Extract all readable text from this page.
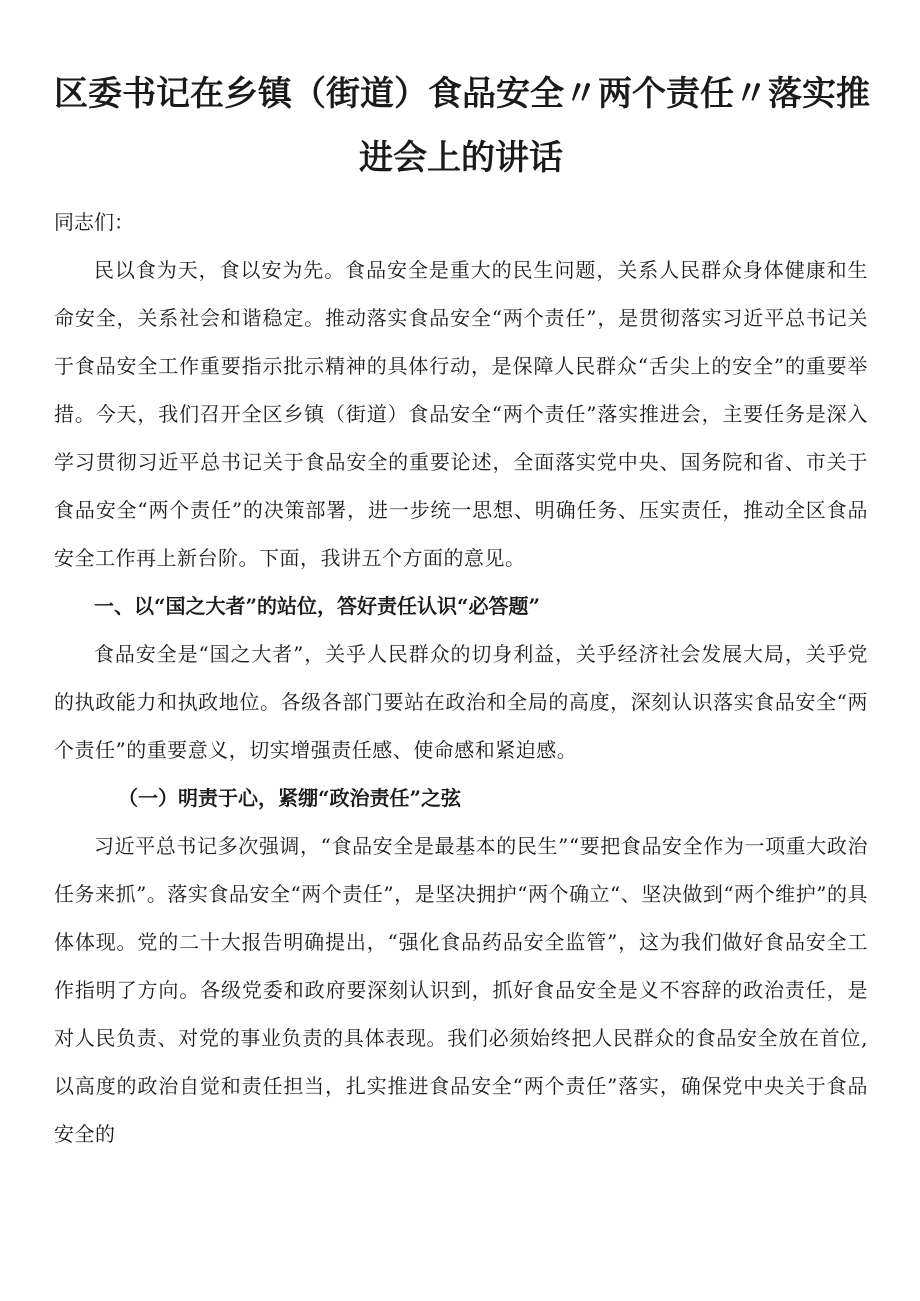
区委书记在乡镇（街道）食品安全〃两个责任〃落实推
进会上的讲话

同志们：

民以食为天，食以安为先。食品安全是重大的民生问题，关系人民群众身体健康和生命安全，关系社会和谐稳定。推动落实食品安全“两个责任”，是贯彻落实习近平总书记关于食品安全工作重要指示批示精神的具体行动，是保障人民群众“舌尖上的安全”的重要举措。今天，我们召开全区乡镇（街道）食品安全“两个责任”落实推进会，主要任务是深入学习贯彻习近平总书记关于食品安全的重要论述，全面落实党中央、国务院和省、市关于食品安全“两个责任”的决策部署，进一步统一思想、明确任务、压实责任，推动全区食品安全工作再上新台阶。下面，我讲五个方面的意见。

一、以“国之大者”的站位，答好责任认识“必答题”

食品安全是“国之大者”，关乎人民群众的切身利益，关乎经济社会发展大局，关乎党的执政能力和执政地位。各级各部门要站在政治和全局的高度，深刻认识落实食品安全“两个责任”的重要意义，切实增强责任感、使命感和紧迫感。

（一）明责于心，紧绷“政治责任”之弦

习近平总书记多次强调，“食品安全是最基本的民生”“要把食品安全作为一项重大政治任务来抓”。落实食品安全“两个责任”，是坚决拥护“两个确立“、坚决做到“两个维护”的具体体现。党的二十大报告明确提出，“强化食品药品安全监管”，这为我们做好食品安全工作指明了方向。各级党委和政府要深刻认识到，抓好食品安全是义不容辞的政治责任，是对人民负责、对党的事业负责的具体表现。我们必须始终把人民群众的食品安全放在首位,以高度的政治自觉和责任担当，扎实推进食品安全“两个责任”落实，确保党中央关于食品安全的
